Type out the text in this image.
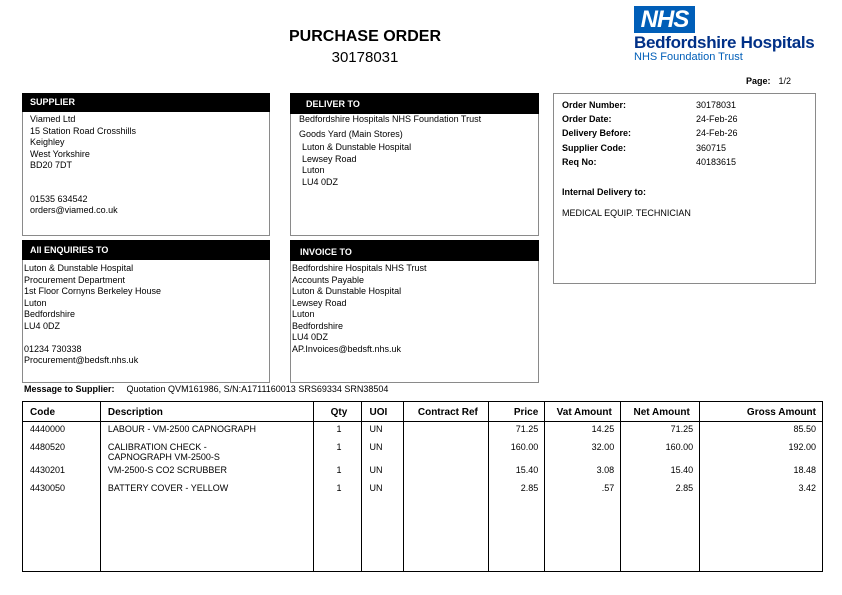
PURCHASE ORDER
30178031
NHS
Bedfordshire Hospitals
NHS Foundation Trust
Page: 1/2
SUPPLIER
Viamed Ltd
15 Station Road Crosshills
Keighley
West Yorkshire
BD20 7DT
01535 634542
orders@viamed.co.uk
DELIVER TO
Bedfordshire Hospitals NHS Foundation Trust
Goods Yard (Main Stores)
Luton & Dunstable Hospital
Lewsey Road
Luton
LU4 0DZ
Order Number:	30178031
Order Date:	24-Feb-26
Delivery Before:	24-Feb-26
Supplier Code:	360715
Req No:	40183615
Internal Delivery to:
MEDICAL EQUIP. TECHNICIAN
All ENQUIRIES TO
Luton & Dunstable Hospital
Procurement Department
1st Floor Cornyns Berkeley House
Luton
Bedfordshire
LU4 0DZ
01234 730338
Procurement@bedsft.nhs.uk
INVOICE TO
Bedfordshire Hospitals NHS Trust
Accounts Payable
Luton & Dunstable Hospital
Lewsey Road
Luton
Bedfordshire
LU4 0DZ
AP.Invoices@bedsft.nhs.uk
Message to Supplier: Quotation QVM161986, S/N:A1711160013 SRS69334 SRN38504
Code	Description	Qty	UOI	Contract Ref	Price	Vat Amount	Net Amount	Gross Amount
4440000	LABOUR - VM-2500 CAPNOGRAPH	1	UN		71.25	14.25	71.25	85.50
4480520	CALIBRATION CHECK -
CAPNOGRAPH VM-2500-S	1	UN		160.00	32.00	160.00	192.00
4430201	VM-2500-S CO2 SCRUBBER	1	UN		15.40	3.08	15.40	18.48
4430050	BATTERY COVER - YELLOW	1	UN		2.85	.57	2.85	3.42
